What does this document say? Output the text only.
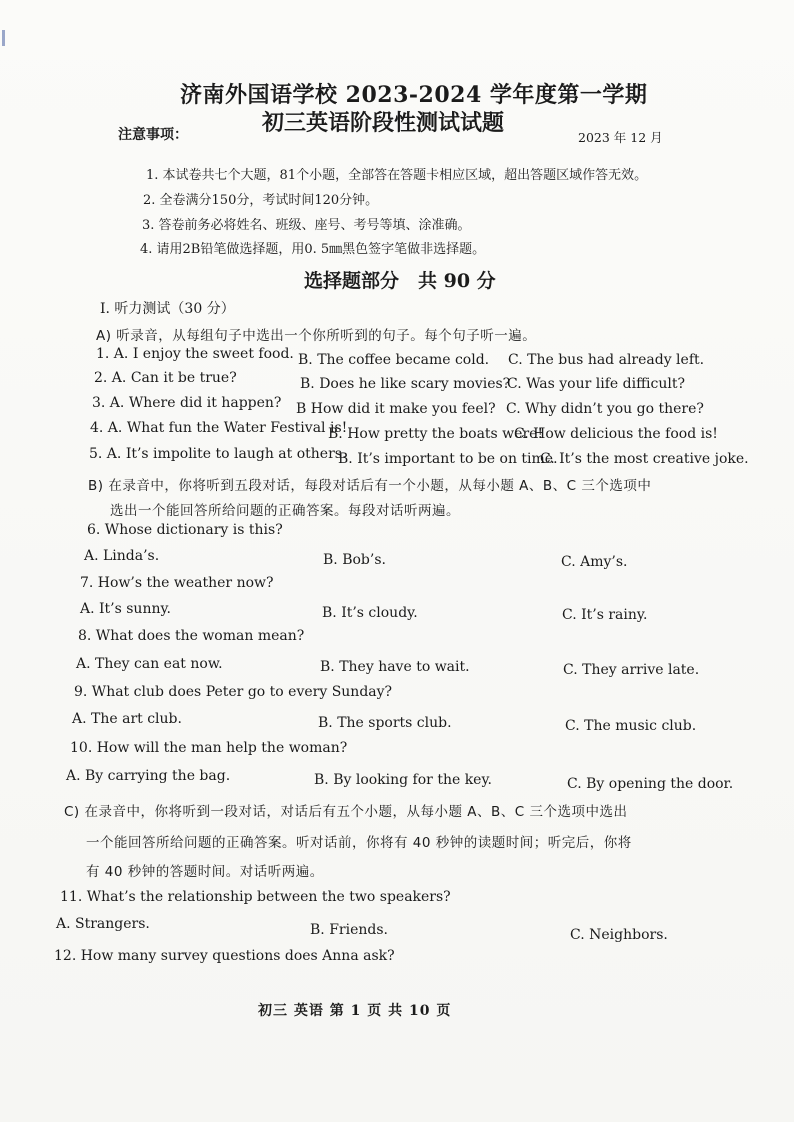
济南外国语学校 2023-2024 学年度第一学期
初三英语阶段性测试试题
注意事项：	2023 年 12 月
1. 本试卷共七个大题，81个小题，全部答在答题卡相应区域，超出答题区域作答无效。
2. 全卷满分150分，考试时间120分钟。
3. 答卷前务必将姓名、班级、座号、考号等填、涂准确。
4. 请用2B铅笔做选择题，用0. 5㎜黑色签字笔做非选择题。
选择题部分　共 90 分
Ⅰ. 听力测试（30 分）
A) 听录音，从每组句子中选出一个你所听到的句子。每个句子听一遍。
1. A. I enjoy the sweet food. B. The coffee became cold. C. The bus had already left.
2. A. Can it be true?	B. Does he like scary movies?
C. Was your life difficult?
3. A. Where did it happen? B How did it make you feel? C. Why didn’t you go there?
4. A. What fun the Water Festival is!
B. How pretty the boats were!
C. How delicious the food is!
5. A. It’s impolite to laugh at others.
B. It’s important to be on time.
C. It’s the most creative joke.
B) 在录音中，你将听到五段对话，每段对话后有一个小题，从每小题 A、B、C 三个选项中
选出一个能回答所给问题的正确答案。每段对话听两遍。
6. Whose dictionary is this?
A. Linda’s.	B. Bob’s.	C. Amy’s.
7. How’s the weather now?
A. It’s sunny.	B. It’s cloudy.	C. It’s rainy.
8. What does the woman mean?
A. They can eat now.	B. They have to wait.	C. They arrive late.
9. What club does Peter go to every Sunday?
A. The art club.	B. The sports club.	C. The music club.
10. How will the man help the woman?
A. By carrying the bag.	B. By looking for the key.	C. By opening the door.
C) 在录音中，你将听到一段对话，对话后有五个小题，从每小题 A、B、C 三个选项中选出
一个能回答所给问题的正确答案。听对话前，你将有 40 秒钟的读题时间；听完后，你将
有 40 秒钟的答题时间。对话听两遍。
11. What’s the relationship between the two speakers?
A. Strangers.	B. Friends.	C. Neighbors.
12. How many survey questions does Anna ask?
初三 英语 第 1 页 共 10 页
